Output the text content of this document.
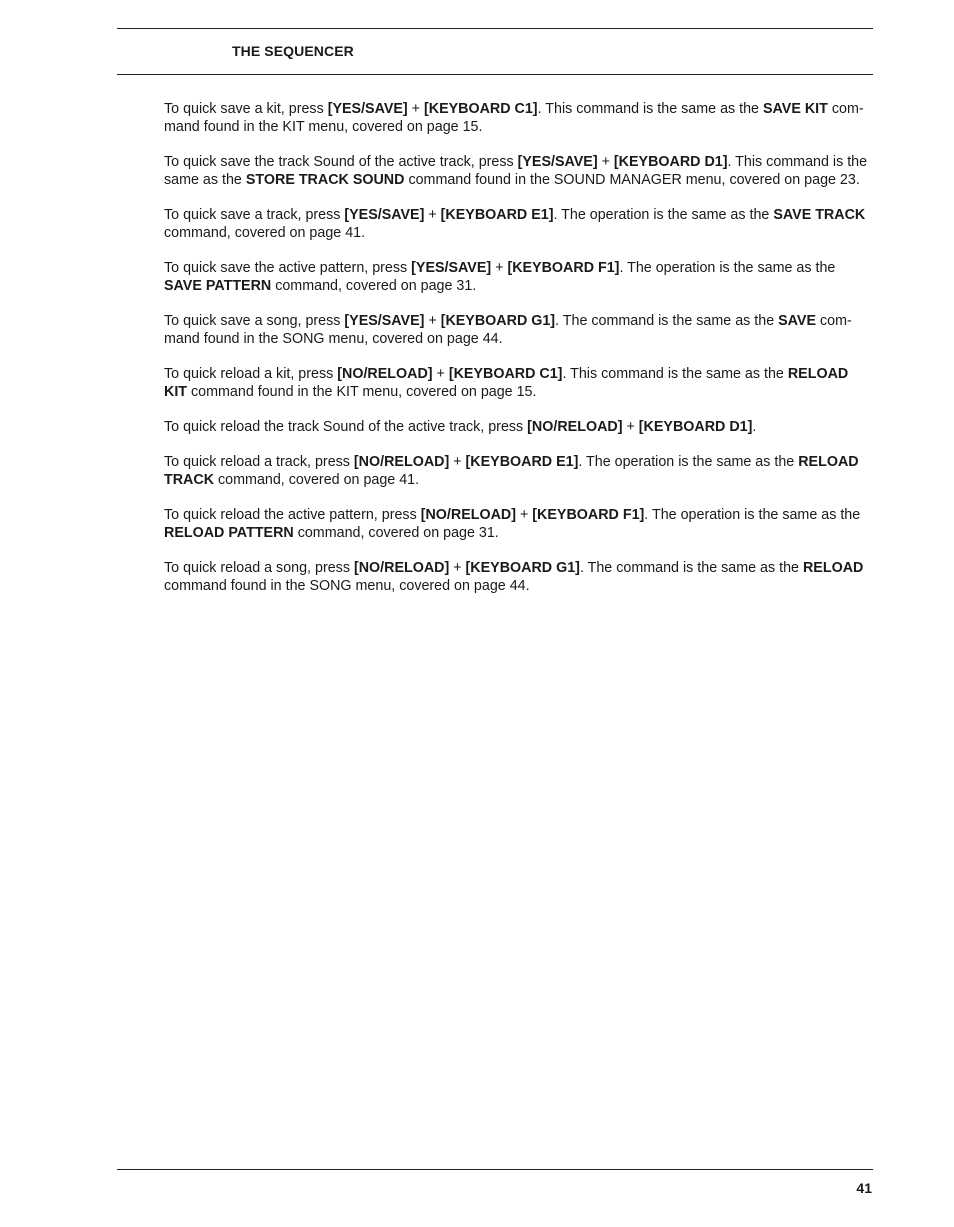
THE SEQUENCER

To quick save a kit, press [YES/SAVE] + [KEYBOARD C1]. This command is the same as the SAVE KIT command found in the KIT menu, covered on page 15.

To quick save the track Sound of the active track, press [YES/SAVE] + [KEYBOARD D1]. This command is the same as the STORE TRACK SOUND command found in the SOUND MANAGER menu, covered on page 23.

To quick save a track, press [YES/SAVE] + [KEYBOARD E1]. The operation is the same as the SAVE TRACK command, covered on page 41.

To quick save the active pattern, press [YES/SAVE] + [KEYBOARD F1]. The operation is the same as the SAVE PATTERN command, covered on page 31.

To quick save a song, press [YES/SAVE] + [KEYBOARD G1]. The command is the same as the SAVE command found in the SONG menu, covered on page 44.

To quick reload a kit, press [NO/RELOAD] + [KEYBOARD C1]. This command is the same as the RELOAD KIT command found in the KIT menu, covered on page 15.

To quick reload the track Sound of the active track, press [NO/RELOAD] + [KEYBOARD D1].

To quick reload a track, press [NO/RELOAD] + [KEYBOARD E1]. The operation is the same as the RELOAD TRACK command, covered on page 41.

To quick reload the active pattern, press [NO/RELOAD] + [KEYBOARD F1]. The operation is the same as the RELOAD PATTERN command, covered on page 31.

To quick reload a song, press [NO/RELOAD] + [KEYBOARD G1]. The command is the same as the RELOAD command found in the SONG menu, covered on page 44.

41
